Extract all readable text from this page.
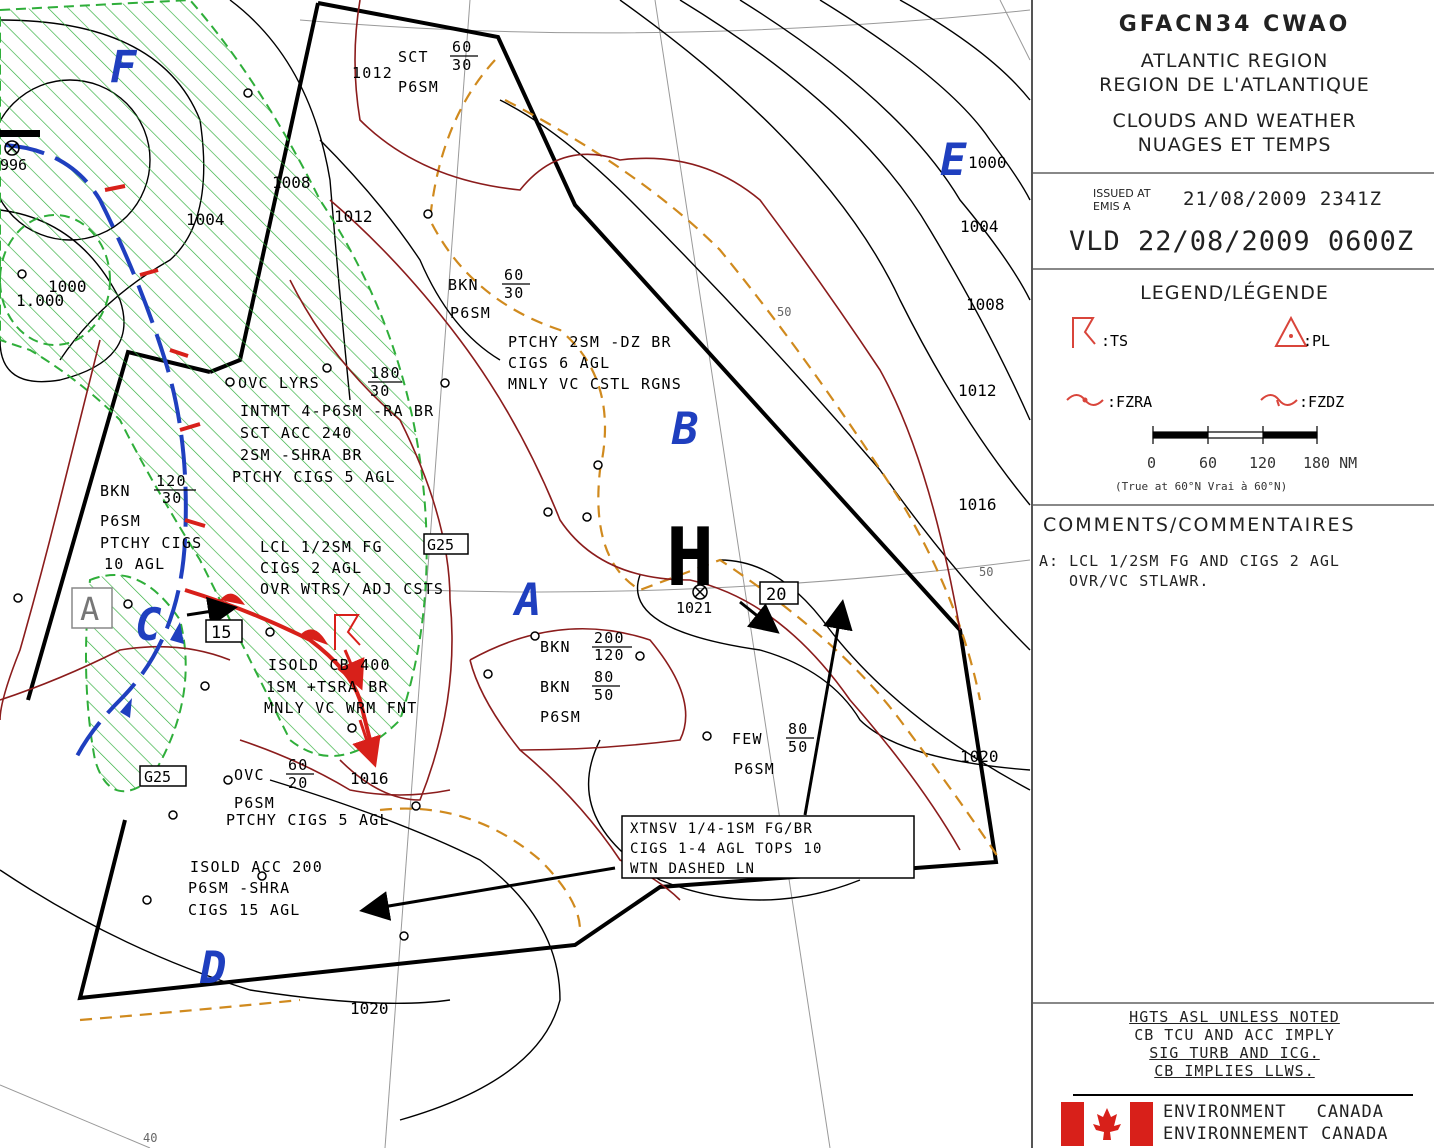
F
B
A
C
D
E
A
H
1021
996
15
20
G25
G25
1000
1.000
1004
1008
1012
1016
1020
1000
1004
1008
1012
1016
1020
50
50
40
SCT
60
30
1012
P6SM
BKN
60
30
P6SM
PTCHY 2SM -DZ BR
CIGS 6 AGL
MNLY VC CSTL RGNS
OVC LYRS
180
30
INTMT 4-P6SM -RA BR
SCT ACC 240
2SM -SHRA BR
PTCHY CIGS 5 AGL
BKN
120
30
P6SM
PTCHY CIGS
10 AGL
LCL 1/2SM FG
CIGS 2 AGL
OVR WTRS/ ADJ CSTS
ISOLD CB 400
1SM +TSRA BR
MNLY VC WRM FNT
BKN 200
120
BKN
80
50
P6SM
FEW
80
50
P6SM
OVC
60
20
P6SM
PTCHY CIGS 5 AGL
ISOLD ACC 200
P6SM -SHRA
CIGS 15 AGL
XTNSV 1/4-1SM FG/BR
CIGS 1-4 AGL TOPS 10
WTN DASHED LN
GFACN34 CWAO
ATLANTIC REGION
REGION DE L'ATLANTIQUE
CLOUDS AND WEATHER
NUAGES ET TEMPS
ISSUED AT
EMIS A	21/08/2009 2341Z
VLD 22/08/2009 0600Z
LEGEND/LÉGENDE
:TS	:PL
:FZRA	:FZDZ
0	60 120 180 NM
(True at 60°N Vrai à 60°N)
COMMENTS/COMMENTAIRES
A: LCL 1/2SM FG AND CIGS 2 AGL
OVR/VC STLAWR.
HGTS ASL UNLESS NOTED
CB TCU AND ACC IMPLY
SIG TURB AND ICG.
CB IMPLIES LLWS.
ENVIRONMENT CANADA
ENVIRONNEMENT CANADA
